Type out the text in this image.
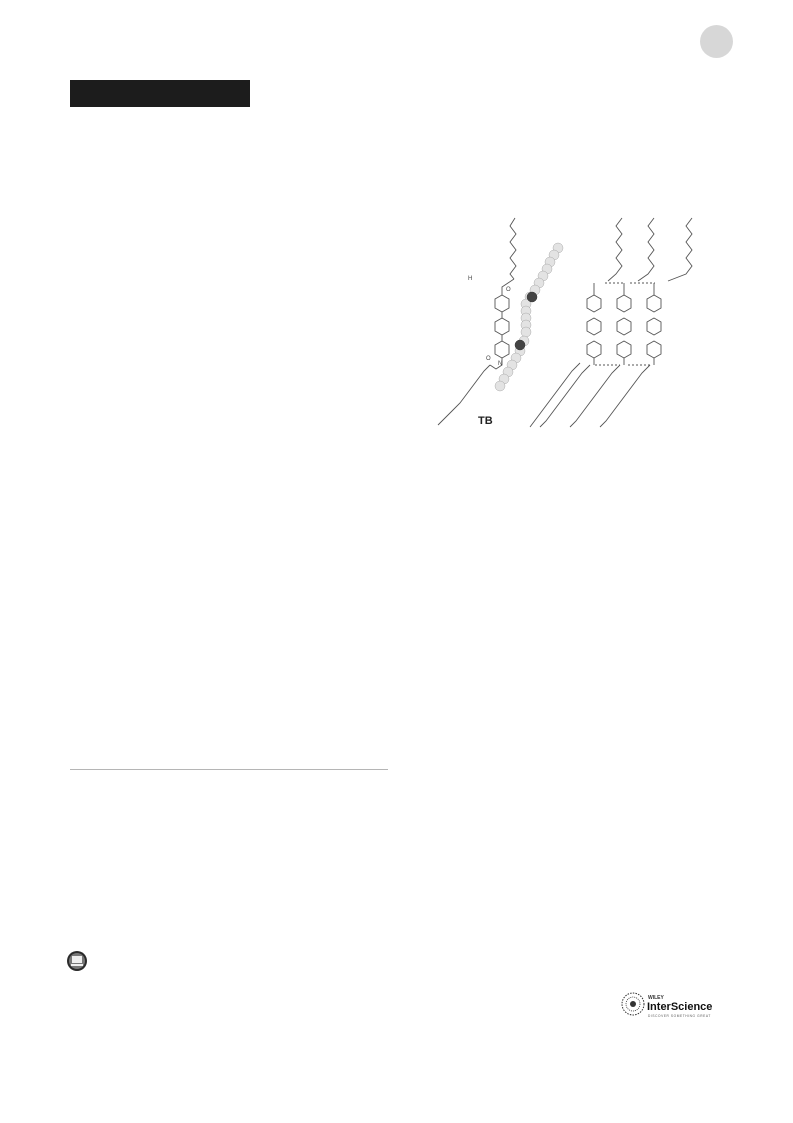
H
O
N
O
TB
WILEY
InterScience
DISCOVER SOMETHING GREAT
